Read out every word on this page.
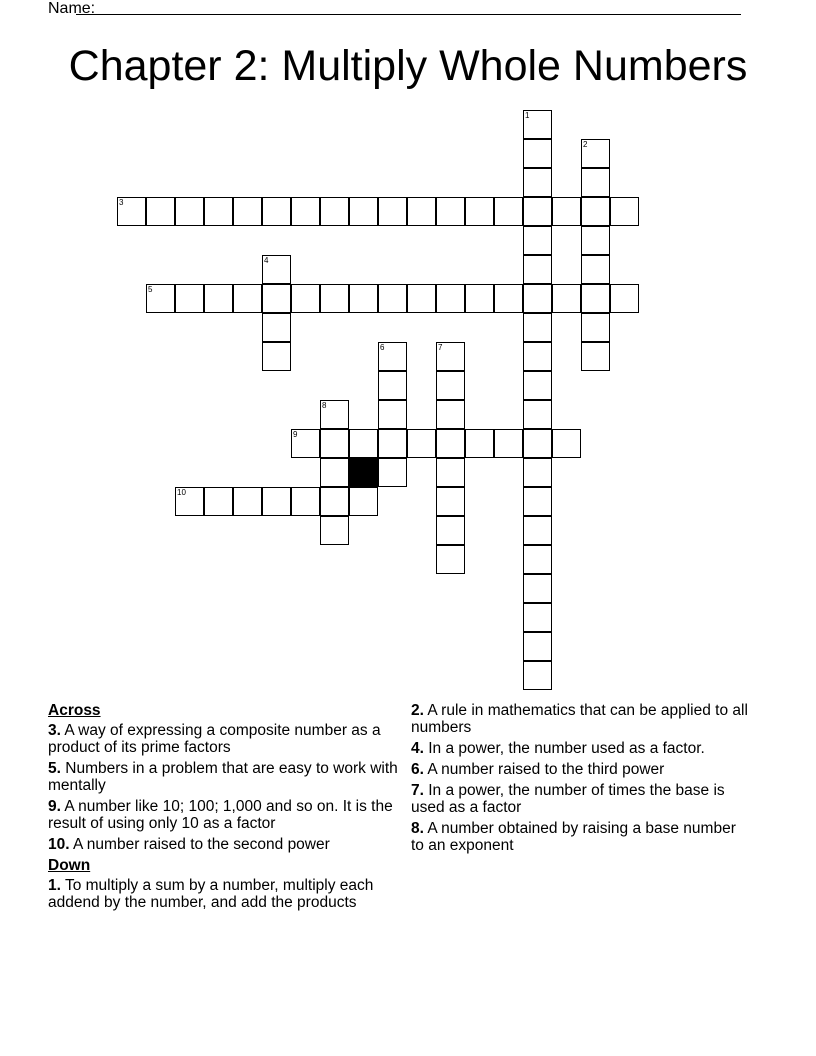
Name:
Chapter 2: Multiply Whole Numbers
1
2
3
4
5
6	7
8
9
10
Across
3. A way of expressing a composite number as a product of its prime factors
5. Numbers in a problem that are easy to work with mentally
9. A number like 10; 100; 1,000 and so on. It is the result of using only 10 as a factor
10. A number raised to the second power
Down
1. To multiply a sum by a number, multiply each addend by the number, and add the products
2. A rule in mathematics that can be applied to all numbers
4. In a power, the number used as a factor.
6. A number raised to the third power
7. In a power, the number of times the base is used as a factor
8. A number obtained by raising a base number to an exponent
